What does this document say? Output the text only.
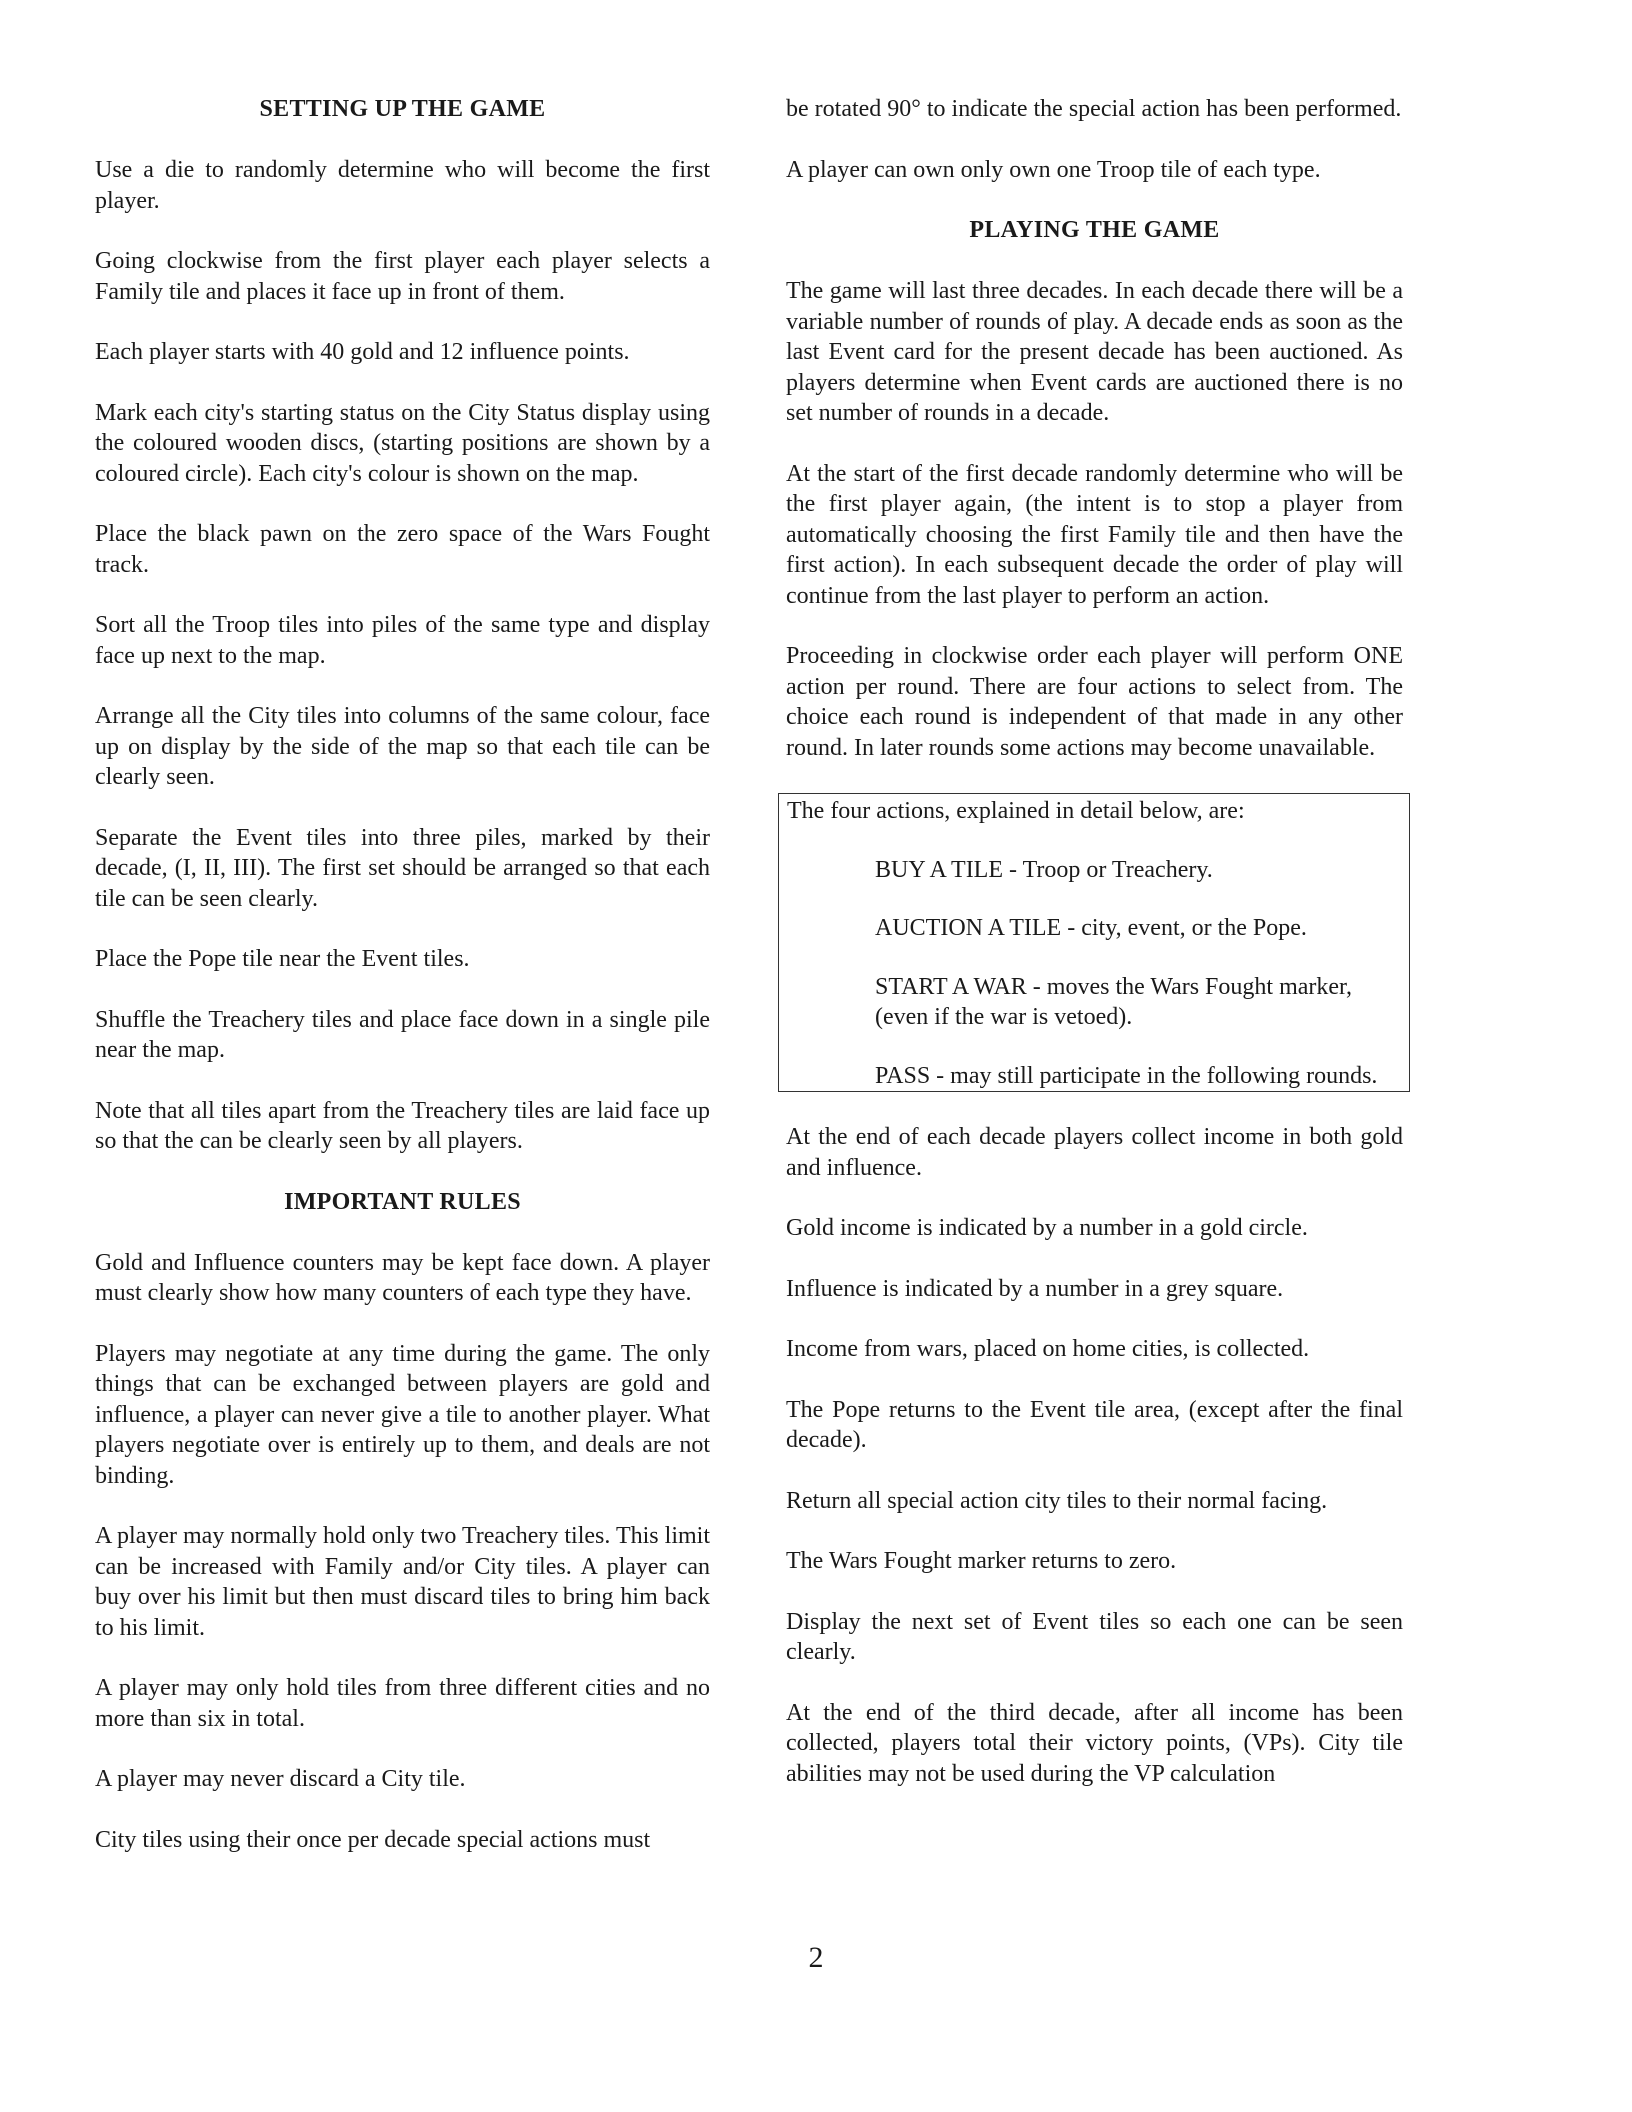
SETTING UP THE GAME

Use a die to randomly determine who will become the first player.

Going clockwise from the first player each player selects a Family tile and places it face up in front of them.

Each player starts with 40 gold and 12 influence points.

Mark each city's starting status on the City Status display using the coloured wooden discs, (starting positions are shown by a coloured circle). Each city's colour is shown on the map.

Place the black pawn on the zero space of the Wars Fought track.

Sort all the Troop tiles into piles of the same type and display face up next to the map.

Arrange all the City tiles into columns of the same colour, face up on display by the side of the map so that each tile can be clearly seen.

Separate the Event tiles into three piles, marked by their decade, (I, II, III). The first set should be arranged so that each tile can be seen clearly.

Place the Pope tile near the Event tiles.

Shuffle the Treachery tiles and place face down in a single pile near the map.

Note that all tiles apart from the Treachery tiles are laid face up so that the can be clearly seen by all players.

IMPORTANT RULES

Gold and Influence counters may be kept face down. A player must clearly show how many counters of each type they have.

Players may negotiate at any time during the game. The only things that can be exchanged between players are gold and influence, a player can never give a tile to another player. What players negotiate over is entirely up to them, and deals are not binding.

A player may normally hold only two Treachery tiles. This limit can be increased with Family and/or City tiles. A player can buy over his limit but then must discard tiles to bring him back to his limit.

A player may only hold tiles from three different cities and no more than six in total.

A player may never discard a City tile.

City tiles using their once per decade special actions must

be rotated 90° to indicate the special action has been performed.

A player can own only own one Troop tile of each type.

PLAYING THE GAME

The game will last three decades. In each decade there will be a variable number of rounds of play. A decade ends as soon as the last Event card for the present decade has been auctioned. As players determine when Event cards are auctioned there is no set number of rounds in a decade.

At the start of the first decade randomly determine who will be the first player again, (the intent is to stop a player from automatically choosing the first Family tile and then have the first action). In each subsequent decade the order of play will continue from the last player to perform an action.

Proceeding in clockwise order each player will perform ONE action per round. There are four actions to select from. The choice each round is independent of that made in any other round. In later rounds some actions may become unavailable.

The four actions, explained in detail below, are:

BUY A TILE - Troop or Treachery.

AUCTION A TILE - city, event, or the Pope.

START A WAR - moves the Wars Fought marker, (even if the war is vetoed).

PASS - may still participate in the following rounds.

At the end of each decade players collect income in both gold and influence.

Gold income is indicated by a number in a gold circle.

Influence is indicated by a number in a grey square.

Income from wars, placed on home cities, is collected.

The Pope returns to the Event tile area, (except after the final decade).

Return all special action city tiles to their normal facing.

The Wars Fought marker returns to zero.

Display the next set of Event tiles so each one can be seen clearly.

At the end of the third decade, after all income has been collected, players total their victory points, (VPs). City tile abilities may not be used during the VP calculation

2
